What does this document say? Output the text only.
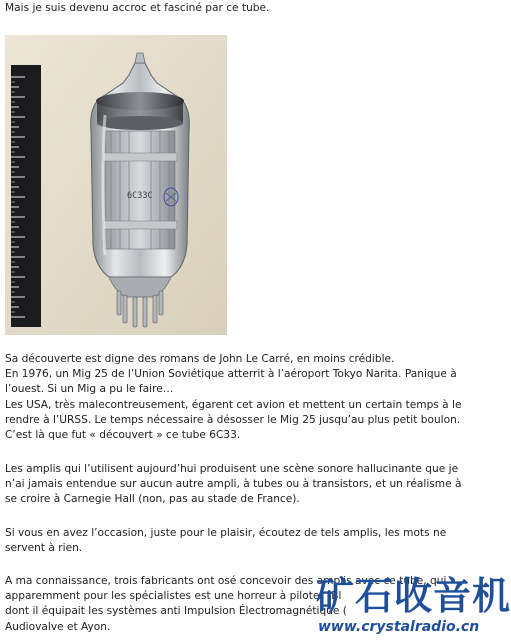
Mais je suis devenu accroc et fasciné par ce tube.
6С33С
Sa découverte est digne des romans de John Le Carré, en moins crédible.
En 1976, un Mig 25 de l’Union Soviétique atterrit à l’aéroport Tokyo Narita. Panique à
l’ouest. Si un Mig a pu le faire…
Les USA, très malecontreusement, égarent cet avion et mettent un certain temps à le
rendre à l’URSS. Le temps nécessaire à désosser le Mig 25 jusqu’au plus petit boulon.
C’est là que fut « découvert » ce tube 6C33.
Les amplis qui l’utilisent aujourd’hui produisent une scène sonore hallucinante que je
n’ai jamais entendue sur aucun autre ampli, à tubes ou à transistors, et un réalisme à
se croire à Carnegie Hall (non, pas au stade de France).
Si vous en avez l’occasion, juste pour le plaisir, écoutez de tels amplis, les mots ne
servent à rien.
A ma connaissance, trois fabricants ont osé concevoir des amplis avec ce tube, qui
apparemment pour les spécialistes est une horreur à piloter (Bl
dont il équipait les systèmes anti Impulsion Électromagnétique (
Audiovalve et Ayon.
矿石收音机
www.crystalradio.cn
